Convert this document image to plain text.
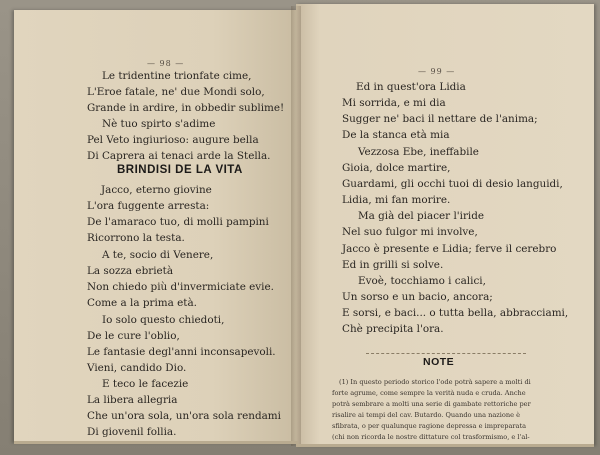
— 98 —
Le tridentine trionfate cime,
L'Eroe fatale, ne' due Mondi solo,
Grande in ardire, in obbedir sublime!
Nè tuo spirto s'adime
Pel Veto ingiurioso: augure bella
Di Caprera ai tenaci arde la Stella.
BRINDISI DE LA VITA
Jacco, eterno giovine
L'ora fuggente arresta:
De l'amaraco tuo, di molli pampini
Ricorrono la testa.
A te, socio di Venere,
La sozza ebrietà
Non chiedo più d'invermiciate evie.
Come a la prima età.
Io solo questo chiedoti,
De le cure l'oblio,
Le fantasie degl'anni inconsapevoli.
Vieni, candido Dio.
E teco le facezie
La libera allegria
Che un'ora sola, un'ora sola rendami
Di giovenil follia.
— 99 —
Ed in quest'ora Lidia
Mi sorrida, e mi dia
Sugger ne' baci il nettare de l'anima;
De la stanca età mia
Vezzosa Ebe, ineffabile
Gioia, dolce martire,
Guardami, gli occhi tuoi di desio languidi,
Lidia, mi fan morire.
Ma già del piacer l'iride
Nel suo fulgor mi involve,
Jacco è presente e Lidia; ferve il cerebro
Ed in grilli si solve.
Evoè, tocchiamo i calici,
Un sorso e un bacio, ancora;
E sorsi, e baci... o tutta bella, abbracciami,
Chè precipita l'ora.
NOTE
(1) In questo periodo storico l'ode potrà sapere a molti di
forte agrume, come sempre la verità nuda e cruda. Anche
potrà sembrare a molti una serie di gambate rettoriche per
risalire ai tempi del cav. Butardo. Quando una nazione è
sfibrata, o per qualunque ragione depressa e impreparata
(chi non ricorda le nostre dittature col trasformismo, e l'al-
